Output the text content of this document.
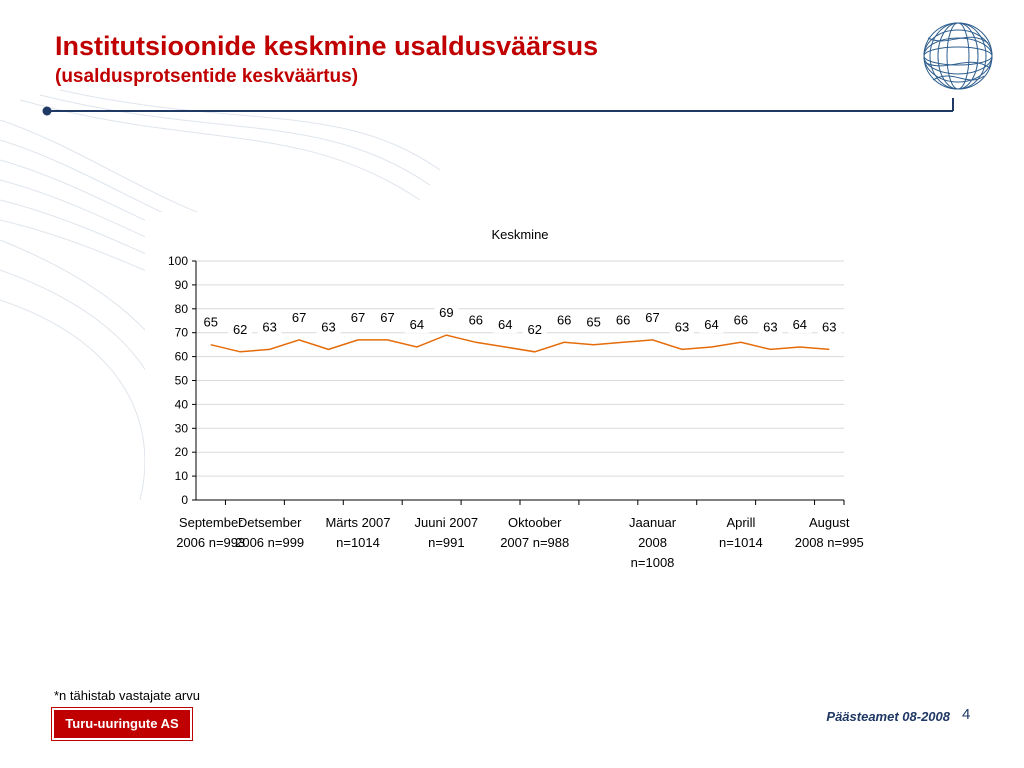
Institutsioonide keskmine usaldusväärsus
(usaldusprotsentide keskväärtus)
Keskmine
0
10
20
30
40
50
60
70
80
90
100
September
2006 n=993
Detsember
2006 n=999
Märts 2007
n=1014
Juuni 2007
n=991
Oktoober
2007 n=988
Jaanuar
2008
n=1008
Aprill
n=1014
August
2008 n=995
65 62 63
67
63
67 67 64
69 66 64 62
66 65 66 67
63 64 66 63 64 63
*n tähistab vastajate arvu
Turu-uuringute AS	Päästeamet 08-2008 4
